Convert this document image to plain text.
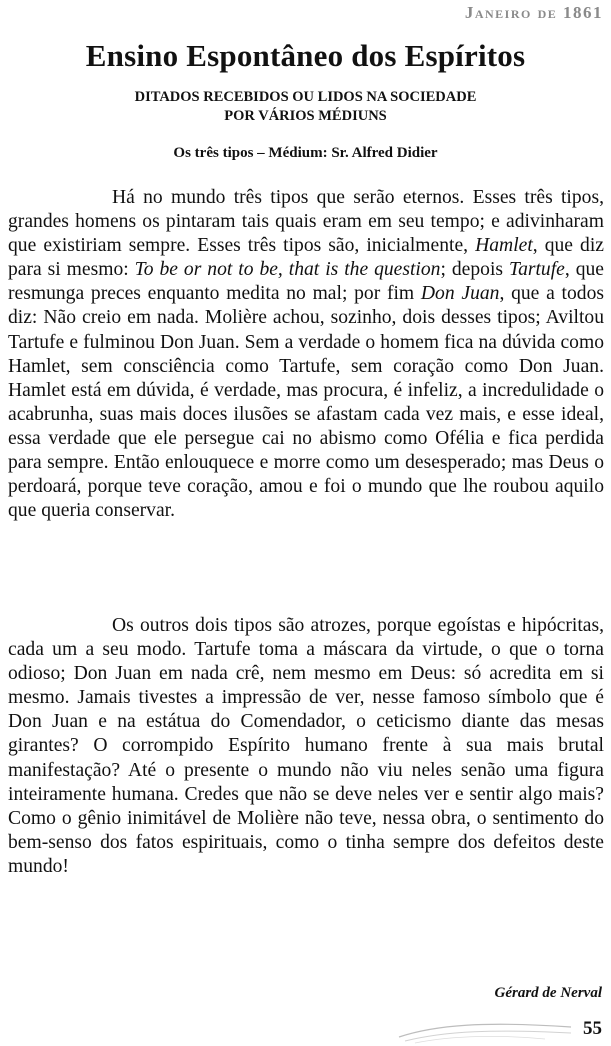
Janeiro de 1861
Ensino Espontâneo dos Espíritos
DITADOS RECEBIDOS OU LIDOS NA SOCIEDADE
POR VÁRIOS MÉDIUNS
Os três tipos – Médium: Sr. Alfred Didier

Há no mundo três tipos que serão eternos. Esses três tipos, grandes homens os pintaram tais quais eram em seu tempo; e adivinharam que existiriam sempre. Esses três tipos são, inicialmente, Hamlet, que diz para si mesmo: To be or not to be, that is the question; depois Tartufe, que resmunga preces enquanto medita no mal; por fim Don Juan, que a todos diz: Não creio em nada. Molière achou, sozinho, dois desses tipos; Aviltou Tartufe e fulminou Don Juan. Sem a verdade o homem fica na dúvida como Hamlet, sem consciência como Tartufe, sem coração como Don Juan. Hamlet está em dúvida, é verdade, mas procura, é infeliz, a incredulidade o acabrunha, suas mais doces ilusões se afastam cada vez mais, e esse ideal, essa verdade que ele persegue cai no abismo como Ofélia e fica perdida para sempre. Então enlouquece e morre como um desesperado; mas Deus o perdoará, porque teve coração, amou e foi o mundo que lhe roubou aquilo que queria conservar.

Os outros dois tipos são atrozes, porque egoístas e hipócritas, cada um a seu modo. Tartufe toma a máscara da virtude, o que o torna odioso; Don Juan em nada crê, nem mesmo em Deus: só acredita em si mesmo. Jamais tivestes a impressão de ver, nesse famoso símbolo que é Don Juan e na estátua do Comendador, o ceticismo diante das mesas girantes? O corrompido Espírito humano frente à sua mais brutal manifestação? Até o presente o mundo não viu neles senão uma figura inteiramente humana. Credes que não se deve neles ver e sentir algo mais? Como o gênio inimitável de Molière não teve, nessa obra, o sentimento do bem-senso dos fatos espirituais, como o tinha sempre dos defeitos deste mundo!

Gérard de Nerval

55
